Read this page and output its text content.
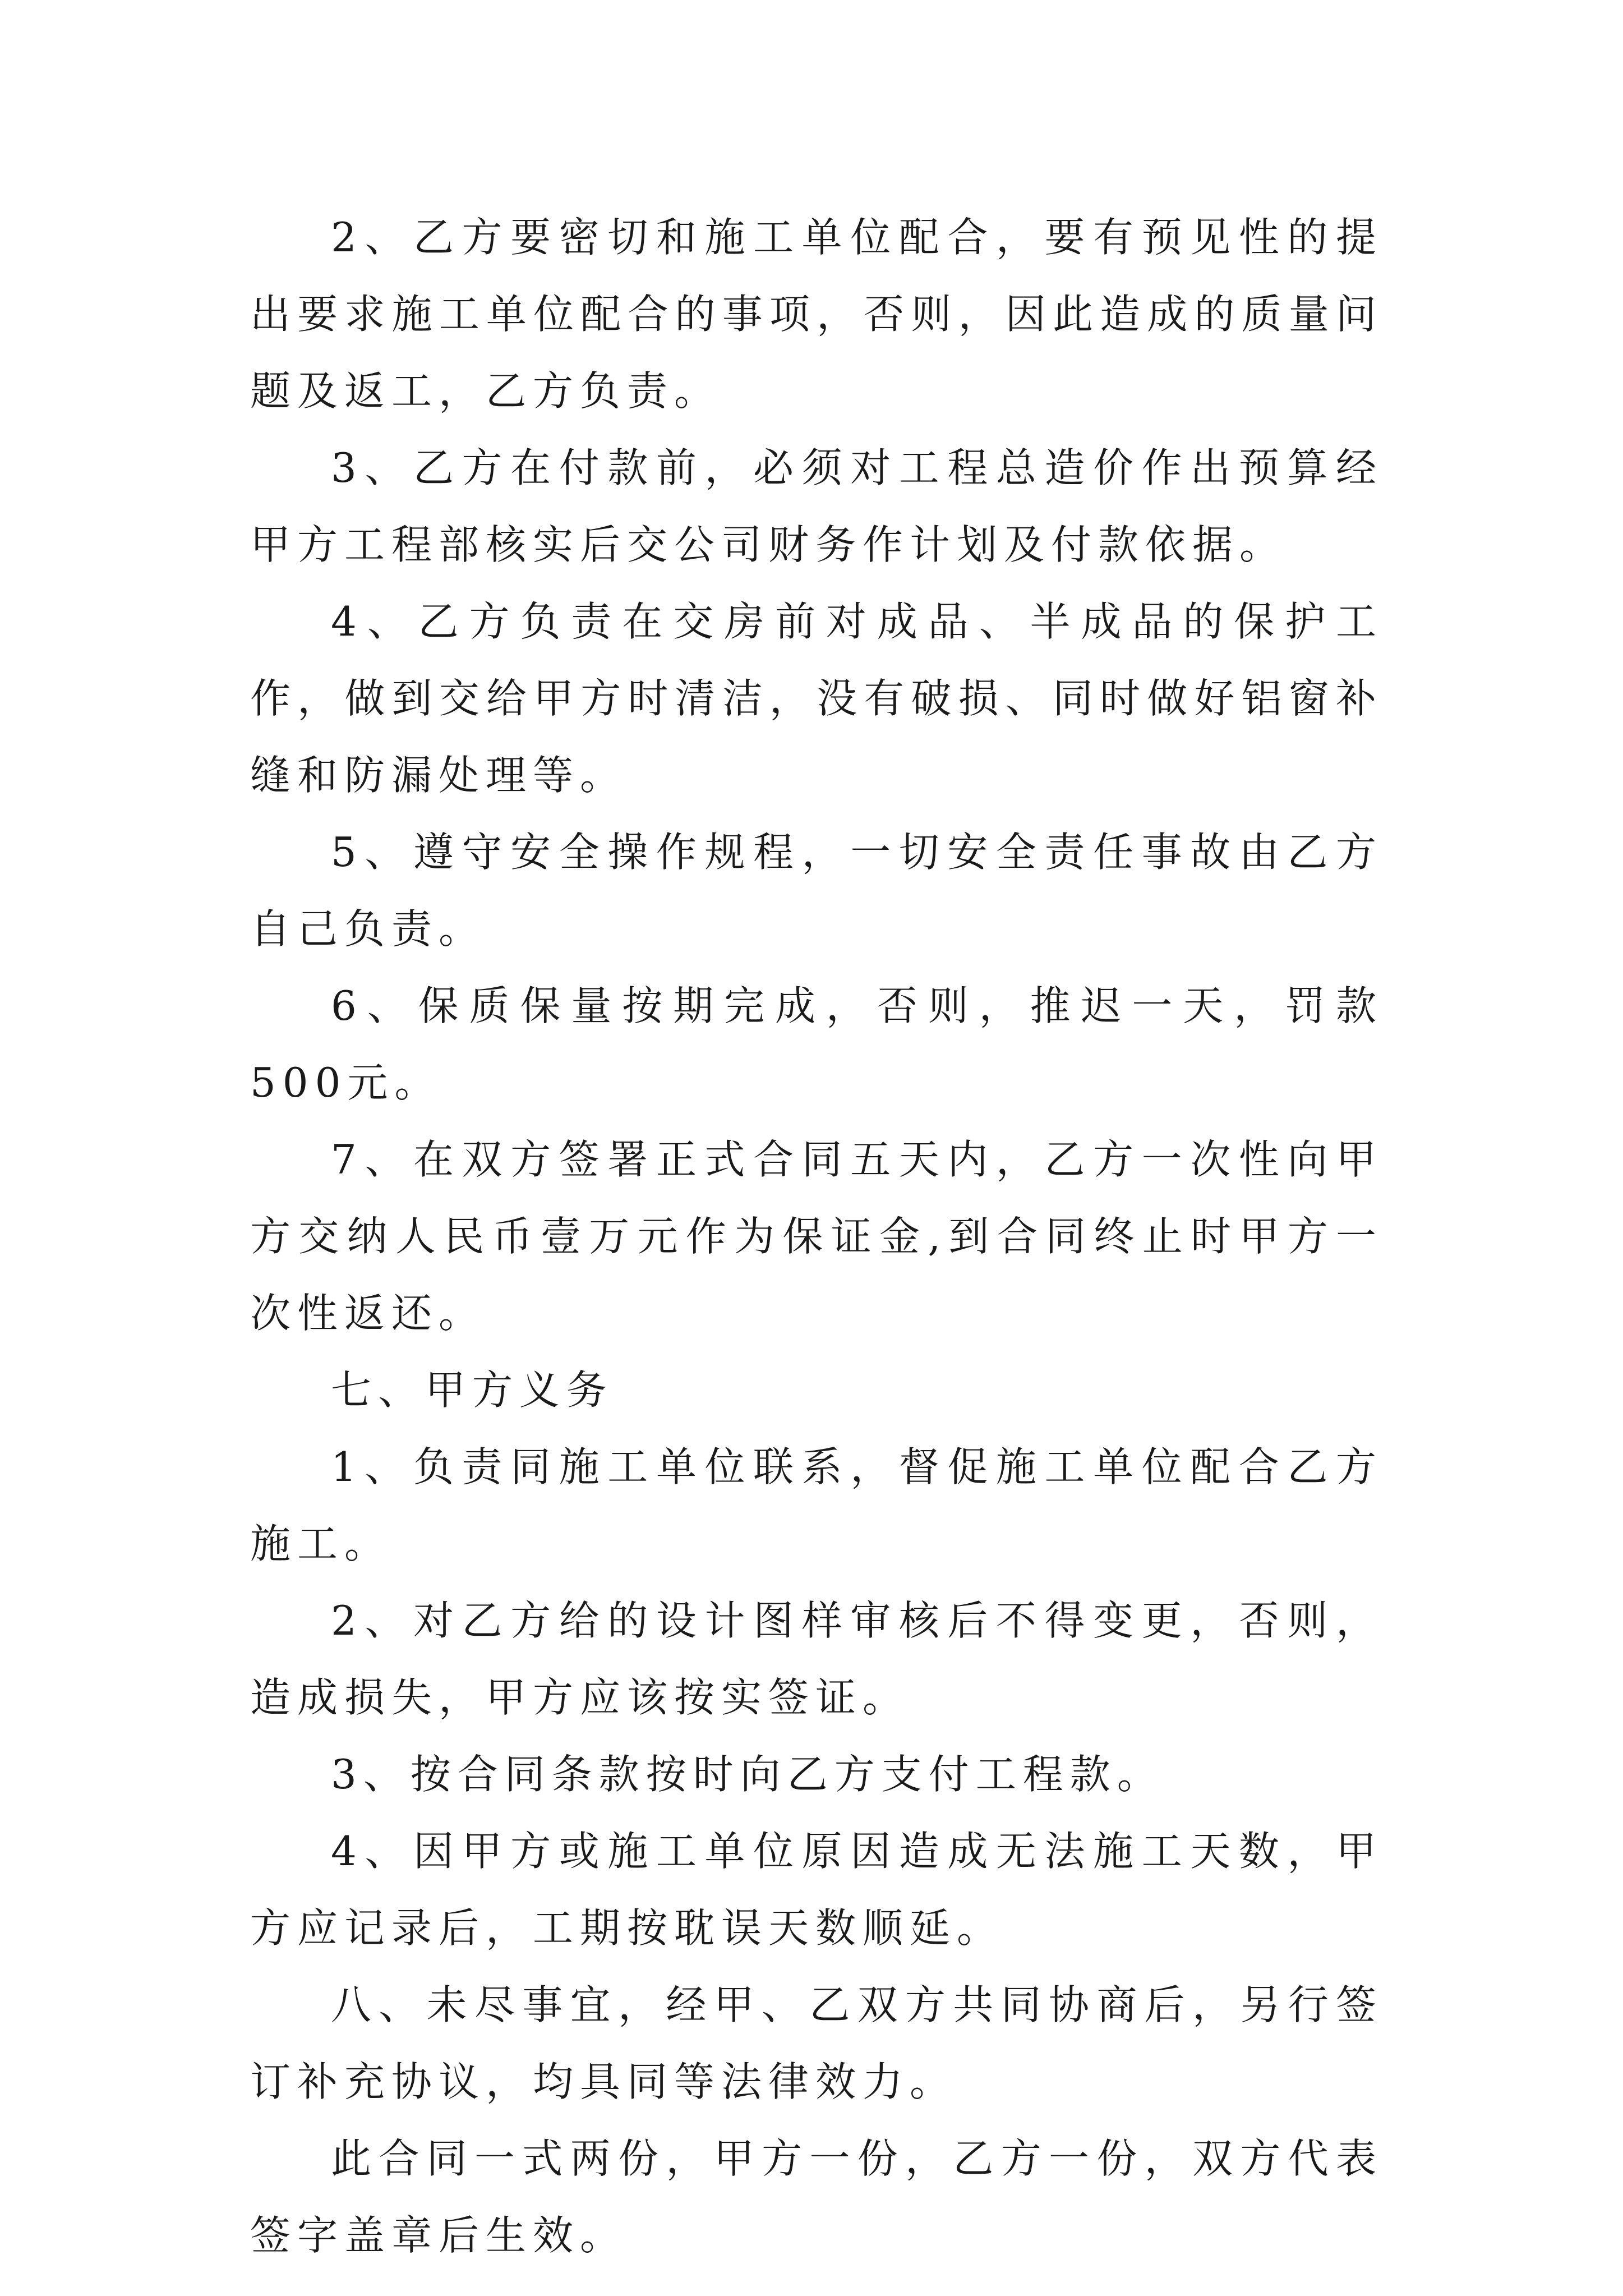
2、乙方要密切和施工单位配合，要有预见性的提出要求施工单位配合的事项，否则，因此造成的质量问题及返工，乙方负责。

3、乙方在付款前，必须对工程总造价作出预算经甲方工程部核实后交公司财务作计划及付款依据。

4、乙方负责在交房前对成品、半成品的保护工作，做到交给甲方时清洁，没有破损、同时做好铝窗补缝和防漏处理等。

5、遵守安全操作规程，一切安全责任事故由乙方自己负责。

6、保质保量按期完成，否则，推迟一天，罚款500元。

7、在双方签署正式合同五天内，乙方一次性向甲方交纳人民币壹万元作为保证金,到合同终止时甲方一次性返还。

七、甲方义务

1、负责同施工单位联系，督促施工单位配合乙方施工。

2、对乙方给的设计图样审核后不得变更，否则，造成损失，甲方应该按实签证。

3、按合同条款按时向乙方支付工程款。

4、因甲方或施工单位原因造成无法施工天数，甲方应记录后，工期按耽误天数顺延。

八、未尽事宜，经甲、乙双方共同协商后，另行签订补充协议，均具同等法律效力。

此合同一式两份，甲方一份，乙方一份，双方代表签字盖章后生效。
